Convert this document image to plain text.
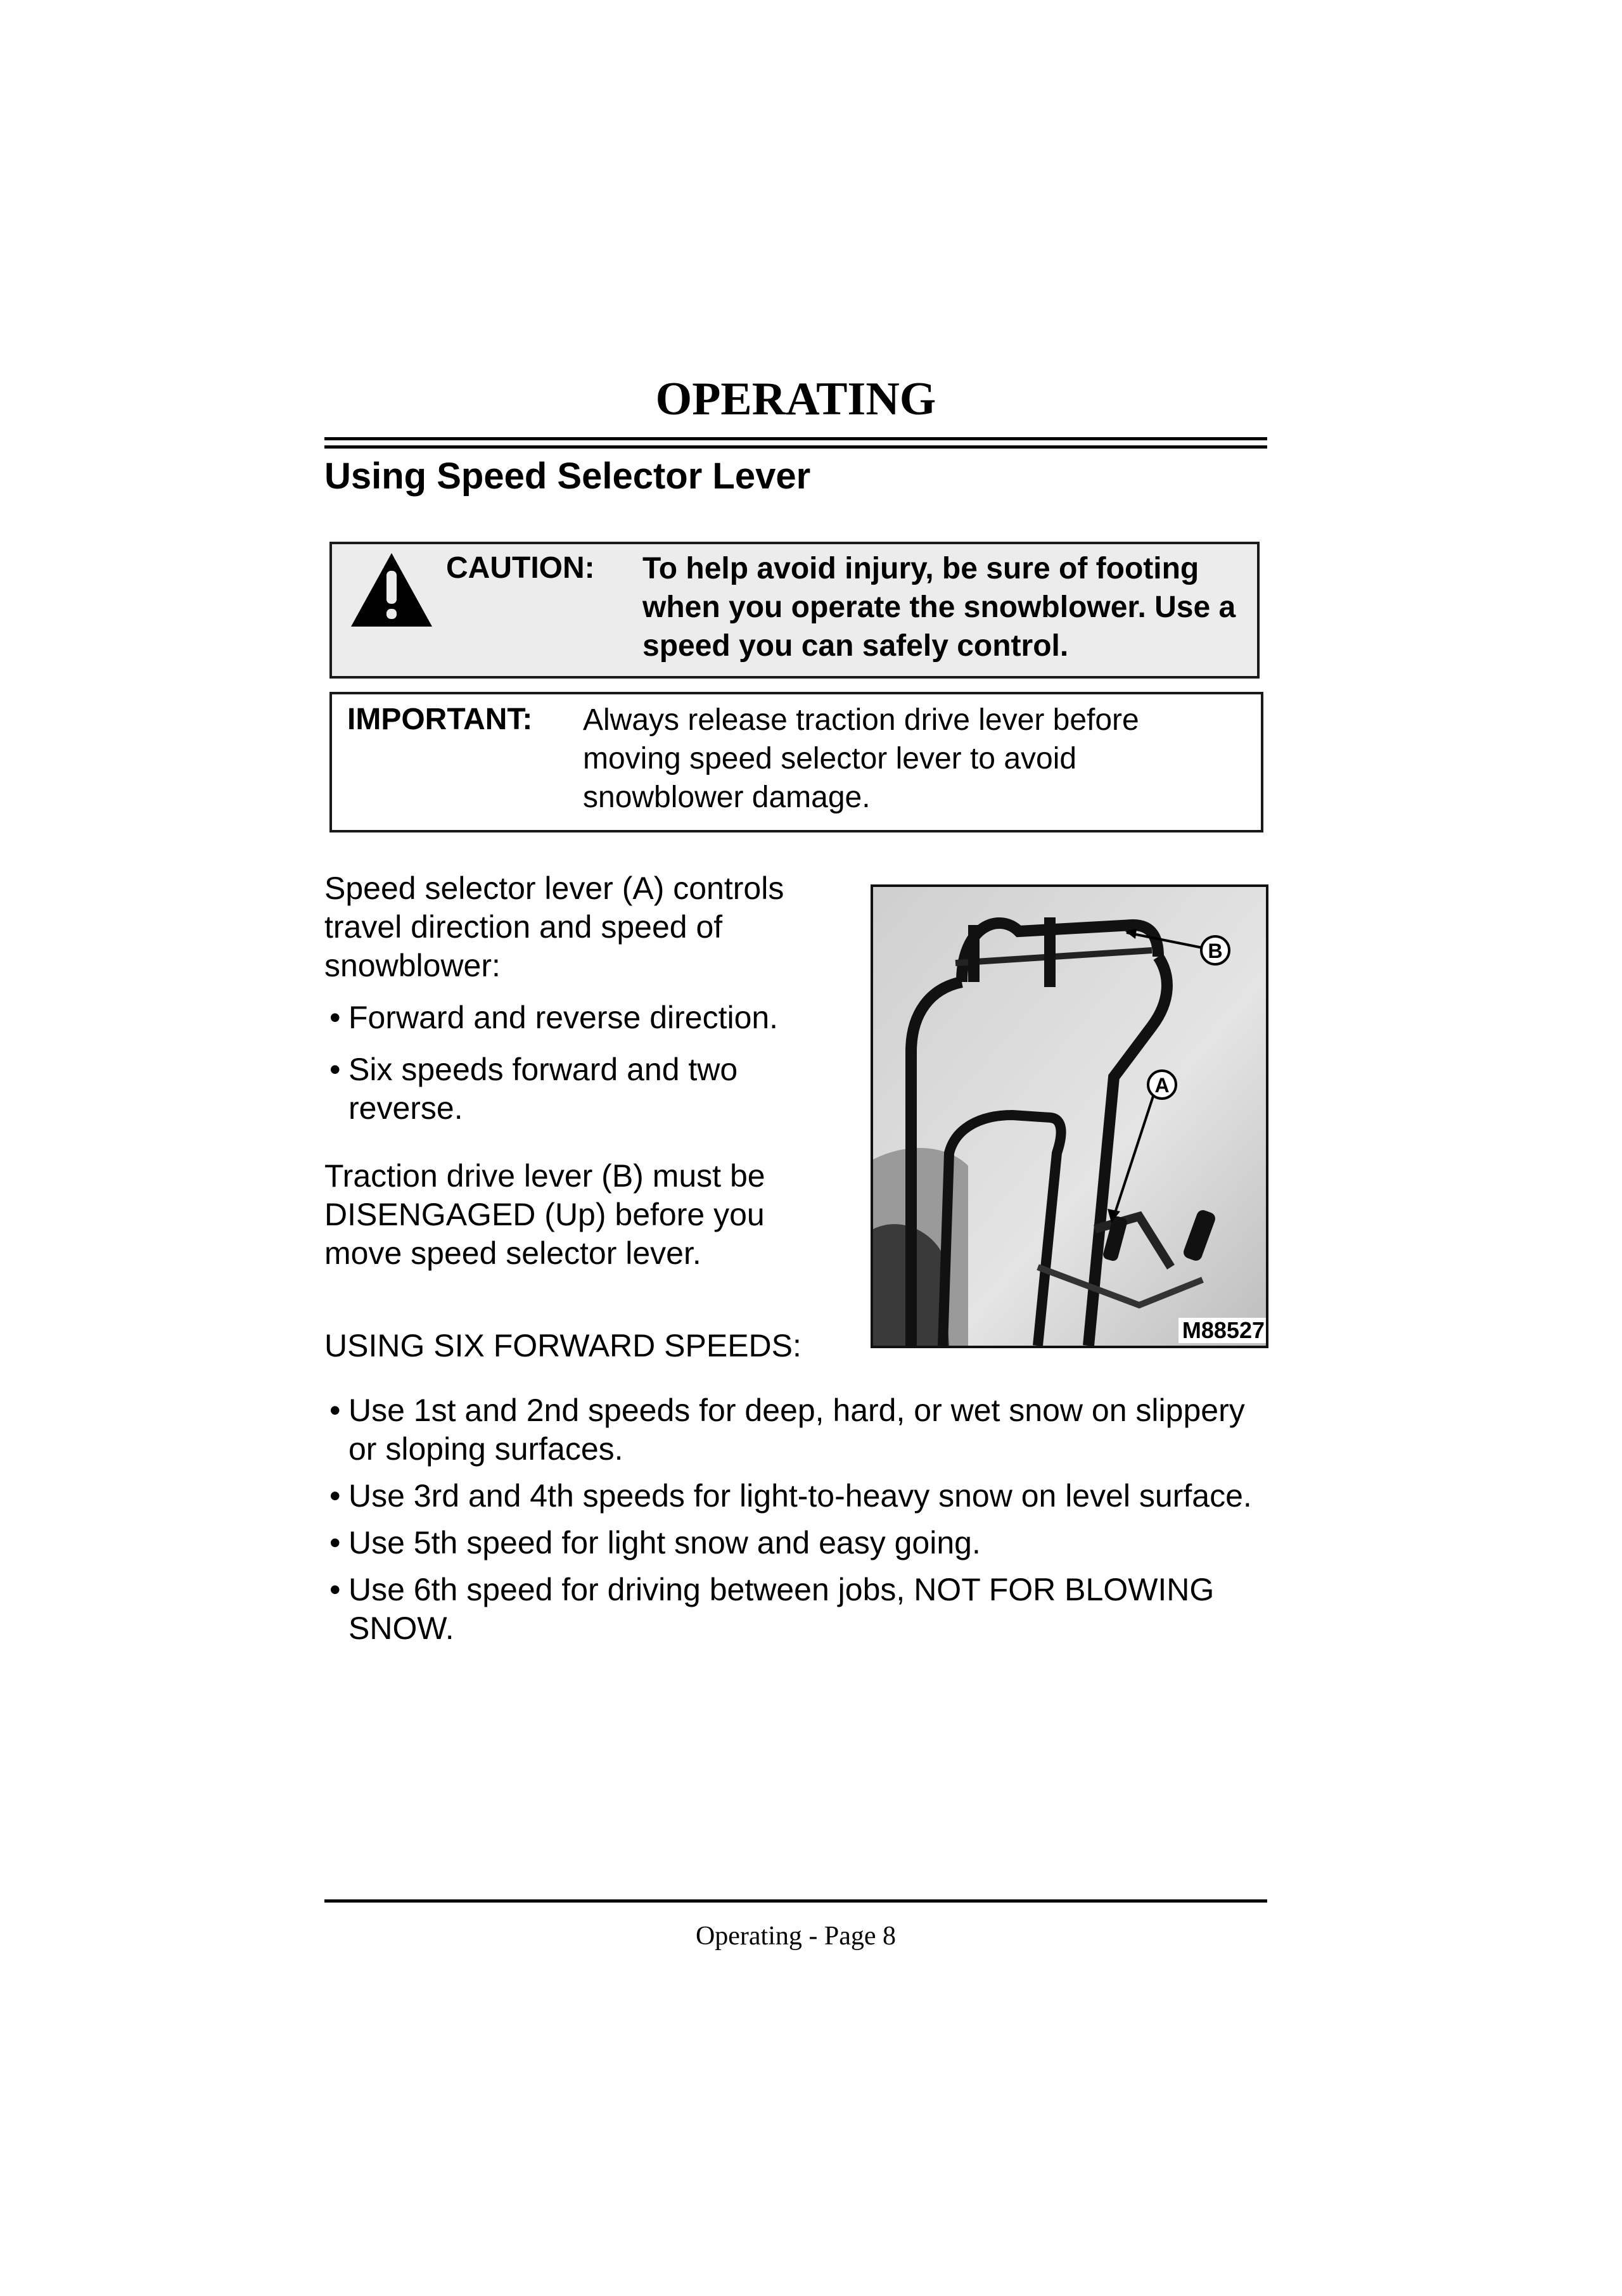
OPERATING
Using Speed Selector Lever
CAUTION: To help avoid injury, be sure of footing when you operate the snowblower. Use a speed you can safely control.
IMPORTANT: Always release traction drive lever before moving speed selector lever to avoid snowblower damage.

Speed selector lever (A) controls travel direction and speed of snowblower:

• Forward and reverse direction.
• Six speeds forward and two reverse.

Traction drive lever (B) must be DISENGAGED (Up) before you move speed selector lever.

USING SIX FORWARD SPEEDS:

B
A
M88527
• Use 1st and 2nd speeds for deep, hard, or wet snow on slippery or sloping surfaces.
• Use 3rd and 4th speeds for light-to-heavy snow on level surface.
• Use 5th speed for light snow and easy going.
• Use 6th speed for driving between jobs, NOT FOR BLOWING SNOW.
Operating - Page 8
